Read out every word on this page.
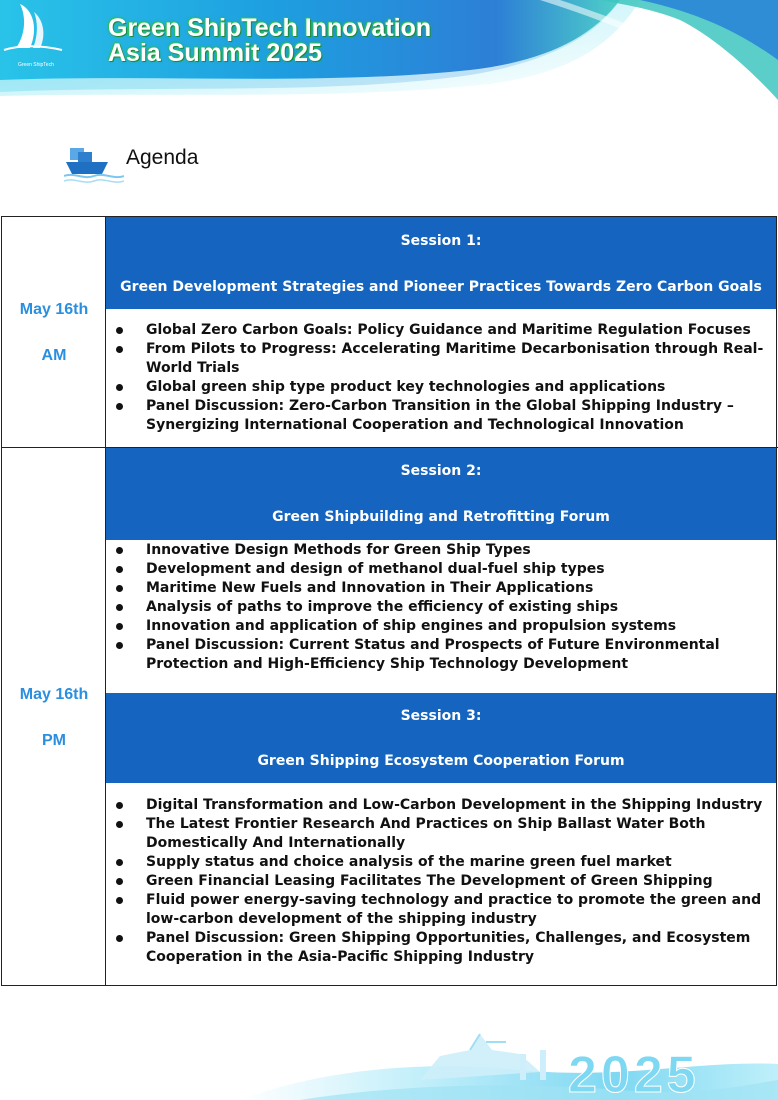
Green ShipTech
Green ShipTech Innovation
Asia Summit 2025
Agenda
May 16th
AM
Session 1:
Green Development Strategies and Pioneer Practices Towards Zero Carbon Goals
Global Zero Carbon Goals: Policy Guidance and Maritime Regulation Focuses
From Pilots to Progress: Accelerating Maritime Decarbonisation through Real-World Trials
Global green ship type product key technologies and applications
Panel Discussion: Zero-Carbon Transition in the Global Shipping Industry – Synergizing International Cooperation and Technological Innovation
May 16th
PM
Session 2:
Green Shipbuilding and Retrofitting Forum
Innovative Design Methods for Green Ship Types
Development and design of methanol dual-fuel ship types
Maritime New Fuels and Innovation in Their Applications
Analysis of paths to improve the efficiency of existing ships
Innovation and application of ship engines and propulsion systems
Panel Discussion: Current Status and Prospects of Future Environmental Protection and High-Efficiency Ship Technology Development
Session 3:
Green Shipping Ecosystem Cooperation Forum
Digital Transformation and Low-Carbon Development in the Shipping Industry
The Latest Frontier Research And Practices on Ship Ballast Water Both Domestically And Internationally
Supply status and choice analysis of the marine green fuel market
Green Financial Leasing Facilitates The Development of Green Shipping
Fluid power energy-saving technology and practice to promote the green and low-carbon development of the shipping industry
Panel Discussion: Green Shipping Opportunities, Challenges, and Ecosystem Cooperation in the Asia-Pacific Shipping Industry
2025
